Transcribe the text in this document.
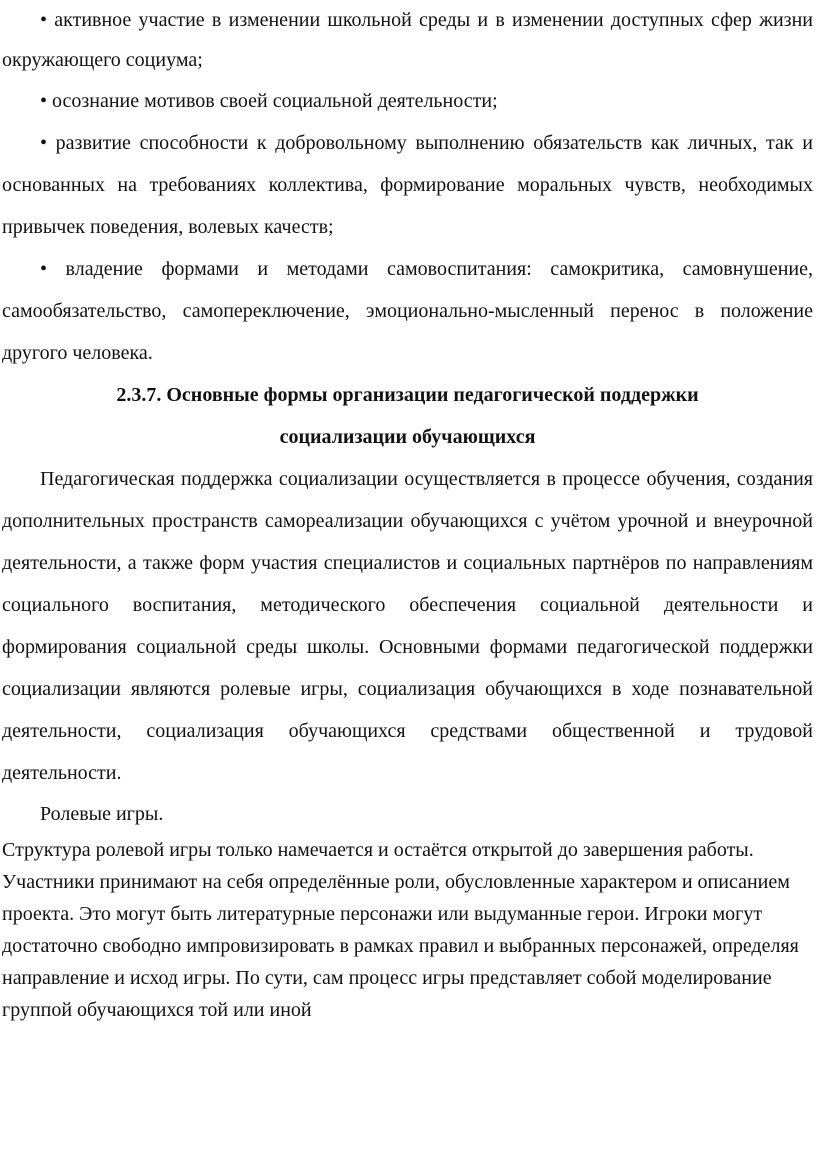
• активное участие в изменении школьной среды и в изменении доступных сфер жизни окружающего социума;

• осознание мотивов своей социальной деятельности;

• развитие способности к добровольному выполнению обязательств как личных, так и основанных на требованиях коллектива, формирование моральных чувств, необходимых привычек поведения, волевых качеств;

• владение формами и методами самовоспитания: самокритика, самовнушение, самообязательство, самопереключение, эмоционально-мысленный перенос в положение другого человека.

2.3.7. Основные формы организации педагогической поддержки

социализации обучающихся

Педагогическая поддержка социализации осуществляется в процессе обучения, создания дополнительных пространств самореализации обучающихся с учётом урочной и внеурочной деятельности, а также форм участия специалистов и социальных партнёров по направлениям социального воспитания, методического обеспечения социальной деятельности и формирования социальной среды школы. Основными формами педагогической поддержки социализации являются ролевые игры, социализация обучающихся в ходе познавательной деятельности, социализация обучающихся средствами общественной и трудовой деятельности.

Ролевые игры.

Структура ролевой игры только намечается и остаётся открытой до завершения работы. Участники принимают на себя определённые роли, обусловленные характером и описанием проекта. Это могут быть литературные персонажи или выдуманные герои. Игроки могут достаточно свободно импровизировать в рамках правил и выбранных персонажей, определяя направление и исход игры. По сути, сам процесс игры представляет собой моделирование группой обучающихся той или иной
